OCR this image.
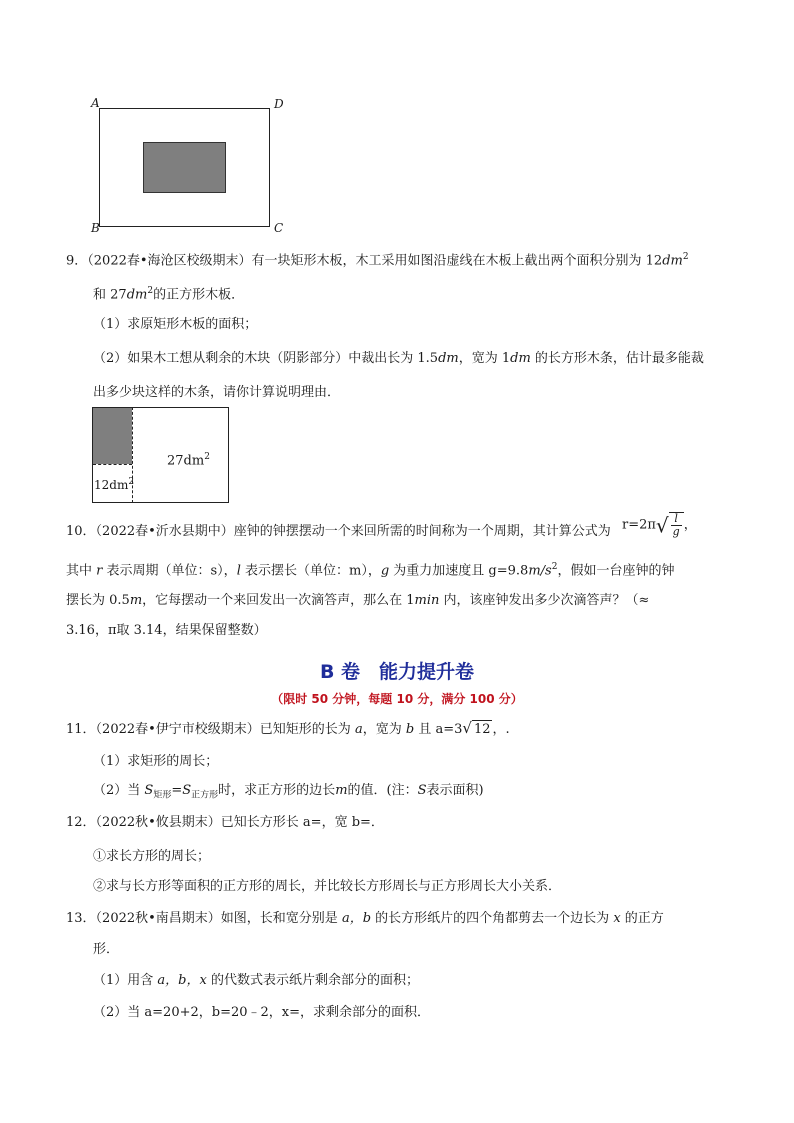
A	D
B	C
9．（2022春•海沧区校级期末）有一块矩形木板，木工采用如图沿虚线在木板上截出两个面积分别为 $12dm^2$
和 $27dm^2$的正方形木板．
（1）求原矩形木板的面积；
（2）如果木工想从剩余的木块（阴影部分）中裁出长为 1.5dm，宽为 1dm 的长方形木条，估计最多能裁
出多少块这样的木条，请你计算说明理由．
$27dm^2$
$12dm^2$
10．（2022春•沂水县期中）座钟的钟摆摆动一个来回所需的时间称为一个周期，其计算公式为 $r=2\pi√ \frac{l}{g}$ ，
其中 r 表示周期（单位：s），l 表示摆长（单位：m），g 为重力加速度且 $g=9.8m/s^2$，假如一台座钟的钟
摆长为 0.5m，它每摆动一个来回发出一次滴答声，那么在 1min 内，该座钟发出多少次滴答声？（≈
3.16，π取 3.14，结果保留整数）
B 卷　能力提升卷
（限时 50 分钟，每题 10 分，满分 100 分）
11．（2022春•伊宁市校级期末）已知矩形的长为 a，宽为 b 且 a=3√ 12 ，.
（1）求矩形的周长；
（2）当 $S_{矩形}=S_{正方形}$时，求正方形的边长m的值．(注：S表示面积)
12．（2022秋•攸县期末）已知长方形长 a=，宽 b=．
①求长方形的周长；
②求与长方形等面积的正方形的周长，并比较长方形周长与正方形周长大小关系．
13．（2022秋•南昌期末）如图，长和宽分别是 a，b 的长方形纸片的四个角都剪去一个边长为 x 的正方
形．
（1）用含 a，b，x 的代数式表示纸片剩余部分的面积；
（2）当 a=20+2，b=20﹣2，x=，求剩余部分的面积．
